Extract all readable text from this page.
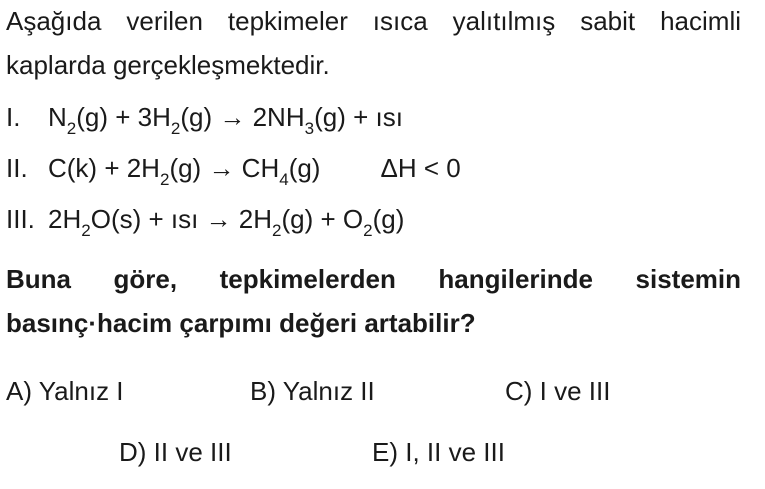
Aşağıda verilen tepkimeler ısıca yalıtılmış sabit hacimli
kaplarda gerçekleşmektedir.
I. $N_2(g) + 3H_2(g) \to 2NH_3(g)$ + ısı
II. $C(k) + 2H_2(g) \to CH_4(g) \Delta H < 0$
III. $2H_2O(s)$ + ısı → $2H_2(g) + O_2(g)$
Buna göre, tepkimelerden hangilerinde sistemin
basınç·hacim çarpımı değeri artabilir?
A) Yalnız I	B) Yalnız II	C) I ve III
D) II ve III	E) I, II ve III
